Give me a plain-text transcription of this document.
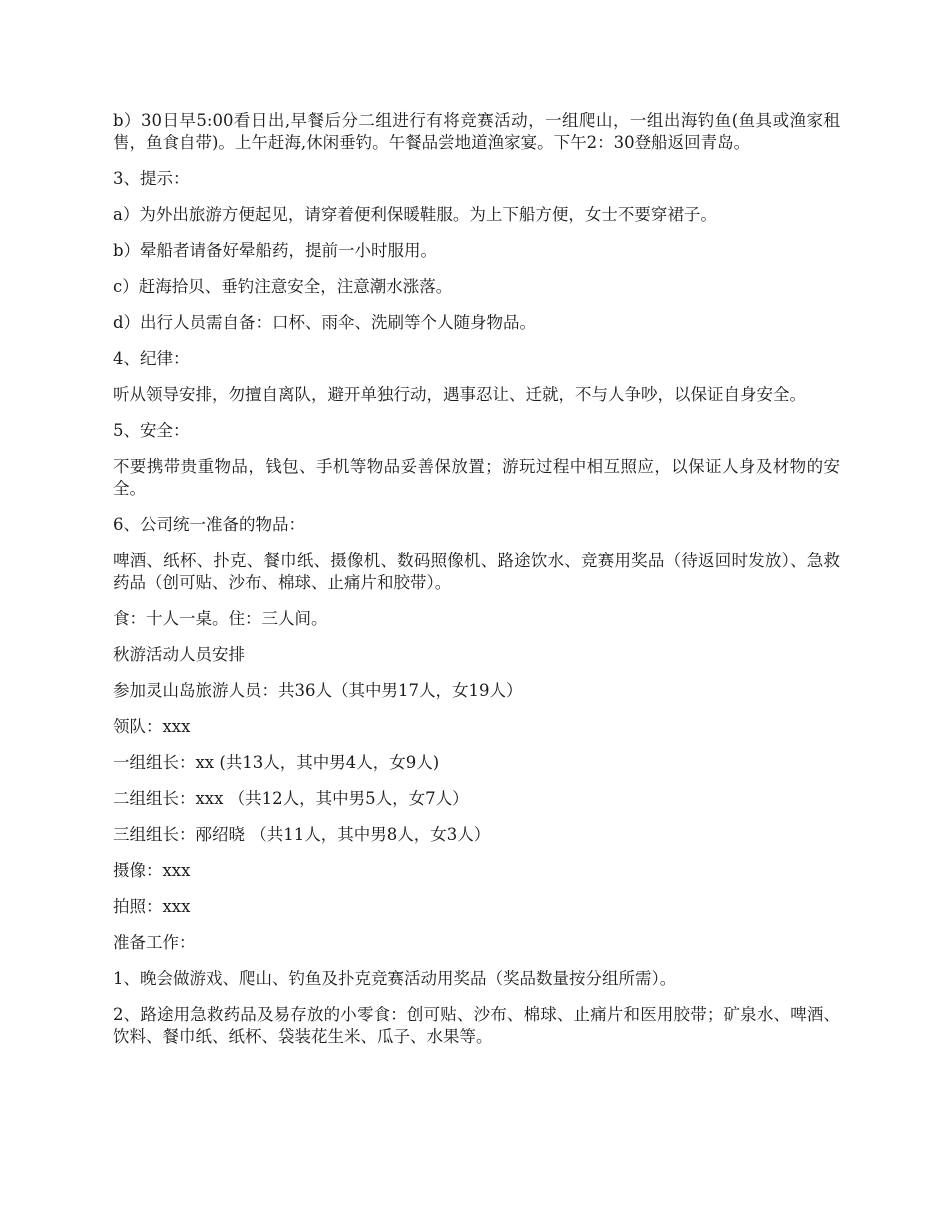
b）30日早5:00看日出,早餐后分二组进行有将竞赛活动，一组爬山，一组出海钓鱼(鱼具或渔家租售，鱼食自带)。上午赶海,休闲垂钓。午餐品尝地道渔家宴。下午2：30登船返回青岛。

3、提示：

a）为外出旅游方便起见，请穿着便利保暖鞋服。为上下船方便，女士不要穿裙子。

b）晕船者请备好晕船药，提前一小时服用。

c）赶海拾贝、垂钓注意安全，注意潮水涨落。

d）出行人员需自备：口杯、雨伞、洗刷等个人随身物品。

4、纪律：

听从领导安排，勿擅自离队，避开单独行动，遇事忍让、迁就，不与人争吵，以保证自身安全。

5、安全：

不要携带贵重物品，钱包、手机等物品妥善保放置；游玩过程中相互照应，以保证人身及材物的安全。

6、公司统一准备的物品：

啤酒、纸杯、扑克、餐巾纸、摄像机、数码照像机、路途饮水、竞赛用奖品（待返回时发放）、急救药品（创可贴、沙布、棉球、止痛片和胶带）。

食：十人一桌。住：三人间。

秋游活动人员安排

参加灵山岛旅游人员：共36人（其中男17人，女19人）

领队：xxx

一组组长：xx (共13人，其中男4人，女9人)

二组组长：xxx （共12人，其中男5人，女7人）

三组组长：邴绍晓 （共11人，其中男8人，女3人）

摄像：xxx

拍照：xxx

准备工作：

1、晚会做游戏、爬山、钓鱼及扑克竞赛活动用奖品（奖品数量按分组所需）。

2、路途用急救药品及易存放的小零食：创可贴、沙布、棉球、止痛片和医用胶带；矿泉水、啤酒、饮料、餐巾纸、纸杯、袋装花生米、瓜子、水果等。
